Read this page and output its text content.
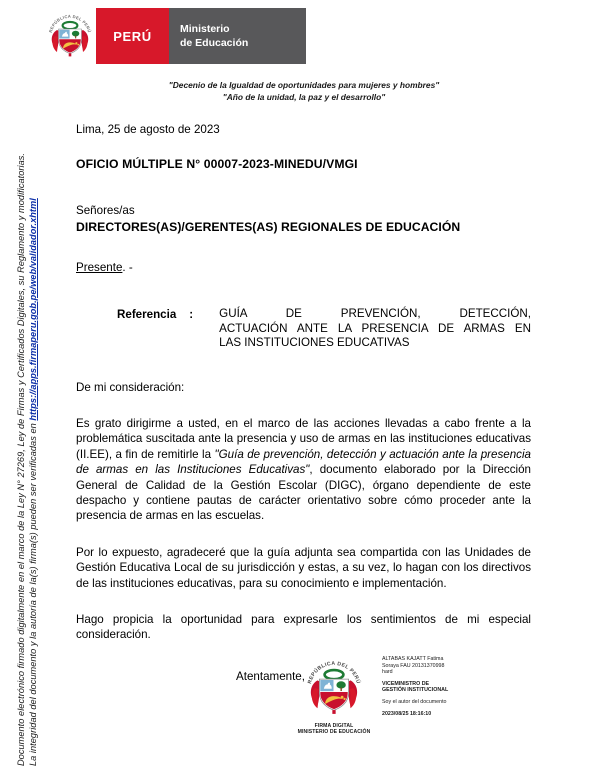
Documento electrónico firmado digitalmente en el marco de la Ley N° 27269, Ley de Firmas y Certificados Digitales, su Reglamento y modificatorias. La integridad del documento y la autoría de la(s) firma(s) pueden ser verificadas en https://apps.firmaperu.gob.pe/web/validador.xhtml
REPÚBLICA DEL PERÚ PERÚ	Ministerio
de Educación
"Decenio de la Igualdad de oportunidades para mujeres y hombres"
"Año de la unidad, la paz y el desarrollo"
Lima, 25 de agosto de 2023
OFICIO MÚLTIPLE N° 00007-2023-MINEDU/VMGI
Señores/as
DIRECTORES(AS)/GERENTES(AS) REGIONALES DE EDUCACIÓN
Presente. -
Referencia : GUÍA DE PREVENCIÓN, DETECCIÓN,
ACTUACIÓN ANTE LA PRESENCIA DE ARMAS EN
LAS INSTITUCIONES EDUCATIVAS
De mi consideración:
Es grato dirigirme a usted, en el marco de las acciones llevadas a cabo frente a la problemática suscitada ante la presencia y uso de armas en las instituciones educativas (II.EE), a fin de remitirle la "Guía de prevención, detección y actuación ante la presencia de armas en las Instituciones Educativas", documento elaborado por la Dirección General de Calidad de la Gestión Escolar (DIGC), órgano dependiente de este despacho y contiene pautas de carácter orientativo sobre cómo proceder ante la presencia de armas en las escuelas.
Por lo expuesto, agradeceré que la guía adjunta sea compartida con las Unidades de Gestión Educativa Local de su jurisdicción y estas, a su vez, lo hagan con los directivos de las instituciones educativas, para su conocimiento e implementación.
Hago propicia la oportunidad para expresarle los sentimientos de mi especial consideración.
Atentamente, REPÚBLICA DEL PERÚ
FIRMA DIGITAL
MINISTERIO DE EDUCACIÓN
ALTABAS KAJATT Fatima
Soraya FAU 20131370998
hard
VICEMINISTRO DE
GESTIÓN INSTITUCIONAL
Soy el autor del documento
2023/08/25 18:16:10
